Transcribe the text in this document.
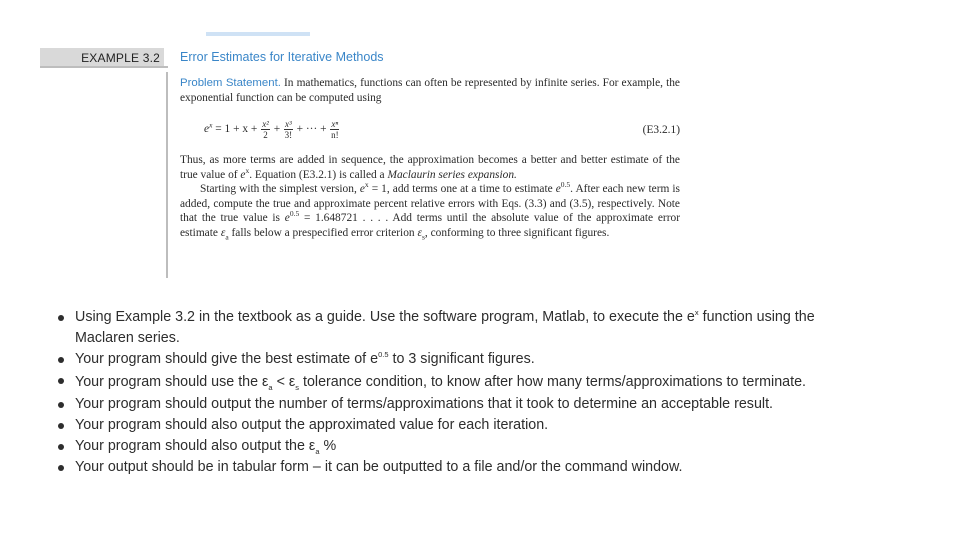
EXAMPLE 3.2	Error Estimates for Iterative Methods

Problem Statement. In mathematics, functions can often be represented by infinite series. For example, the exponential function can be computed using

$e^x = 1 + x + \frac{\text{x²}}{2} + \frac{\text{x³}}{3!}$ + ··· + $\frac{\text{xⁿ}}{n!}$	(E3.2.1)

Thus, as more terms are added in sequence, the approximation becomes a better and better estimate of the true value of $e^x$. Equation (E3.2.1) is called a Maclaurin series expansion.

Starting with the simplest version, $e^x = 1$, add terms one at a time to estimate $e^{0.5}$. After each new term is added, compute the true and approximate percent relative errors with Eqs. (3.3) and (3.5), respectively. Note that the true value is $e^{0.5} = 1.648721$ . . . . Add terms until the absolute value of the approximate error estimate $\varepsilon_a$ falls below a prespecified error criterion $\varepsilon_s$, conforming to three significant figures.

Using Example 3.2 in the textbook as a guide. Use the software program, Matlab, to execute the $e^x$ function using the Maclaren series.
Your program should give the best estimate of $e^{0.5}$ to 3 significant figures.
Your program should use the $\varepsilon_a < \varepsilon_s$ tolerance condition, to know after how many terms/approximations to terminate.
Your program should output the number of terms/approximations that it took to determine an acceptable result.
Your program should also output the approximated value for each iteration.
Your program should also output the $\varepsilon_a$ %
Your output should be in tabular form – it can be outputted to a file and/or the command window.
